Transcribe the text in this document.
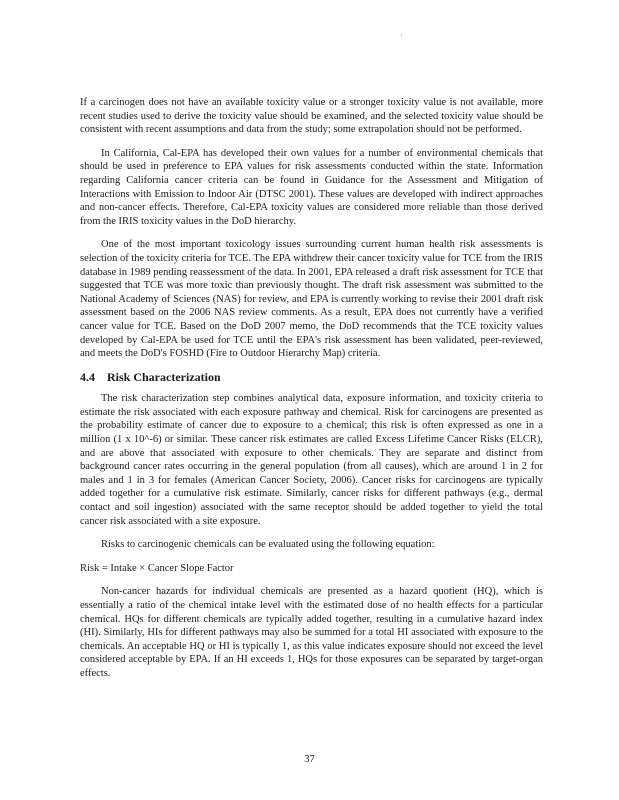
·

If a carcinogen does not have an available toxicity value or a stronger toxicity value is not available, more recent studies used to derive the toxicity value should be examined, and the selected toxicity value should be consistent with recent assumptions and data from the study; some extrapolation should not be performed.

In California, Cal-EPA has developed their own values for a number of environmental chemicals that should be used in preference to EPA values for risk assessments conducted within the state. Information regarding California cancer criteria can be found in Guidance for the Assessment and Mitigation of Interactions with Emission to Indoor Air (DTSC 2001). These values are developed with indirect approaches and non-cancer effects. Therefore, Cal-EPA toxicity values are considered more reliable than those derived from the IRIS toxicity values in the DoD hierarchy.

One of the most important toxicology issues surrounding current human health risk assessments is selection of the toxicity criteria for TCE. The EPA withdrew their cancer toxicity value for TCE from the IRIS database in 1989 pending reassessment of the data. In 2001, EPA released a draft risk assessment for TCE that suggested that TCE was more toxic than previously thought. The draft risk assessment was submitted to the National Academy of Sciences (NAS) for review, and EPA is currently working to revise their 2001 draft risk assessment based on the 2006 NAS review comments. As a result, EPA does not currently have a verified cancer value for TCE. Based on the DoD 2007 memo, the DoD recommends that the TCE toxicity values developed by Cal-EPA be used for TCE until the EPA's risk assessment has been validated, peer-reviewed, and meets the DoD's FOSHD (Fire to Outdoor Hierarchy Map) criteria.

4.4 Risk Characterization

The risk characterization step combines analytical data, exposure information, and toxicity criteria to estimate the risk associated with each exposure pathway and chemical. Risk for carcinogens are presented as the probability estimate of cancer due to exposure to a chemical; this risk is often expressed as one in a million (1 x 10^-6) or similar. These cancer risk estimates are called Excess Lifetime Cancer Risks (ELCR), and are above that associated with exposure to other chemicals. They are separate and distinct from background cancer rates occurring in the general population (from all causes), which are around 1 in 2 for males and 1 in 3 for females (American Cancer Society, 2006). Cancer risks for carcinogens are typically added together for a cumulative risk estimate. Similarly, cancer risks for different pathways (e.g., dermal contact and soil ingestion) associated with the same receptor should be added together to yield the total cancer risk associated with a site exposure.

Risks to carcinogenic chemicals can be evaluated using the following equation:

Risk = Intake × Cancer Slope Factor

Non-cancer hazards for individual chemicals are presented as a hazard quotient (HQ), which is essentially a ratio of the chemical intake level with the estimated dose of no health effects for a particular chemical. HQs for different chemicals are typically added together, resulting in a cumulative hazard index (HI). Similarly, HIs for different pathways may also be summed for a total HI associated with exposure to the chemicals. An acceptable HQ or HI is typically 1, as this value indicates exposure should not exceed the level considered acceptable by EPA. If an HI exceeds 1, HQs for those exposures can be separated by target-organ effects.

37
